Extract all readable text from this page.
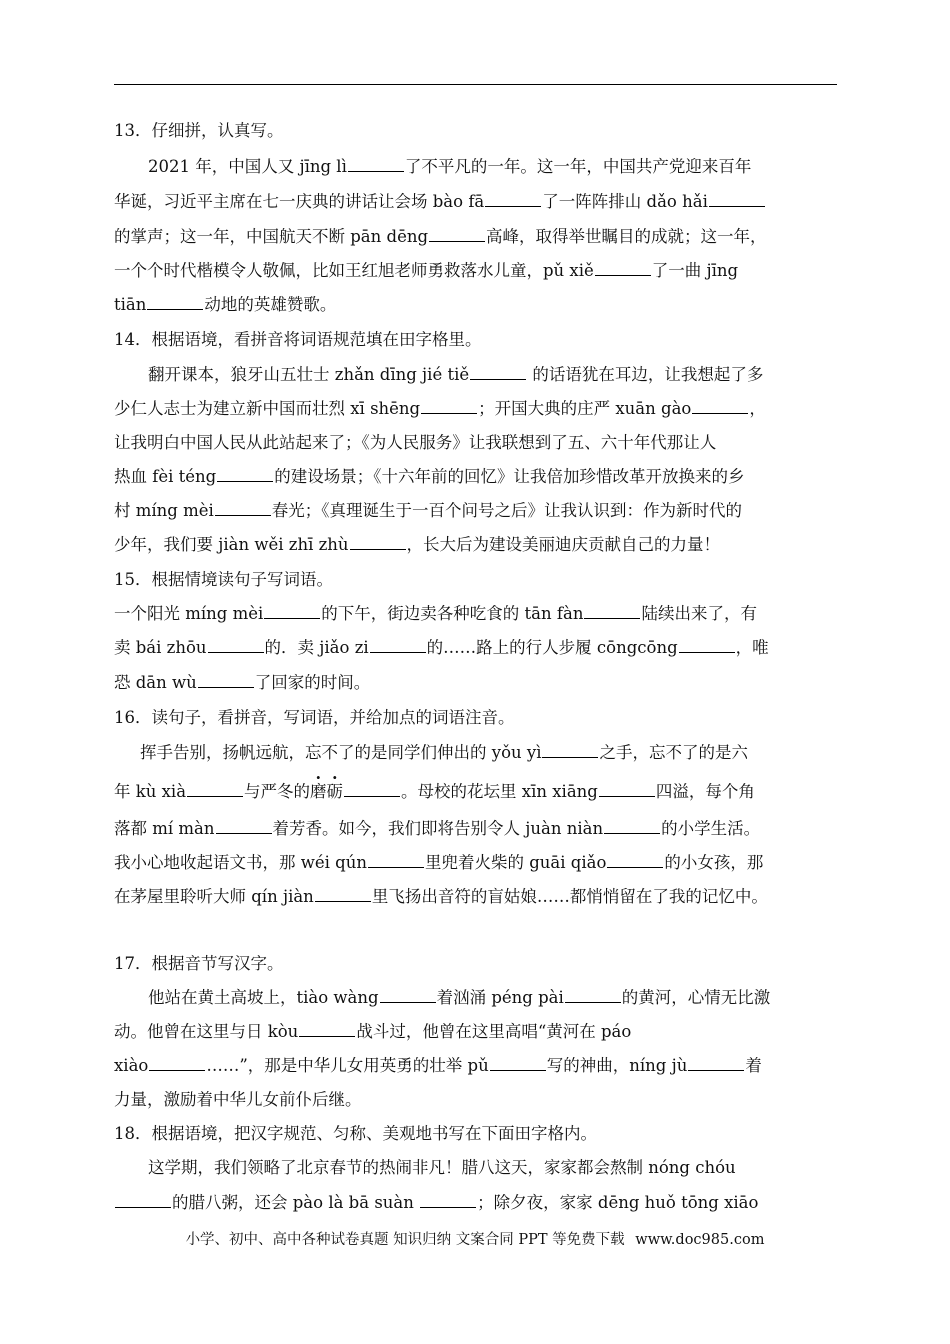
13．仔细拼，认真写。
2021 年，中国人又 jīng lì	了不平凡的一年。这一年，中国共产党迎来百年
华诞，习近平主席在七一庆典的讲话让会场 bào fā	了一阵阵排山 dǎo hǎi
的掌声；这一年，中国航天不断 pān dēng	高峰，取得举世瞩目的成就；这一年，
一个个时代楷模令人敬佩，比如王红旭老师勇救落水儿童，pǔ xiě	了一曲 jīng
tiān	动地的英雄赞歌。
14．根据语境，看拼音将词语规范填在田字格里。
翻开课本，狼牙山五壮士 zhǎn dīng jié tiě	的话语犹在耳边，让我想起了多
少仁人志士为建立新中国而壮烈 xī shēng	；开国大典的庄严 xuān gào	，
让我明白中国人民从此站起来了；《为人民服务》让我联想到了五、六十年代那让人
热血 fèi téng	的建设场景；《十六年前的回忆》让我倍加珍惜改革开放换来的乡
村 míng mèi	春光；《真理诞生于一百个问号之后》让我认识到：作为新时代的
少年，我们要 jiàn wěi zhī zhù	，长大后为建设美丽迪庆贡献自己的力量！
15．根据情境读句子写词语。
一个阳光 míng mèi	的下午，街边卖各种吃食的 tān fàn	陆续出来了，有
卖 bái zhōu	的．卖 jiǎo zi	的……路上的行人步履 cōngcōng	，唯
恐 dān wù	了回家的时间。
16．读句子，看拼音，写词语，并给加点的词语注音。
挥手告别，扬帆远航，忘不了的是同学们伸出的 yǒu yì	之手，忘不了的是六
年 kù xià	与严冬的磨砺	。母校的花坛里 xīn xiāng	四溢，每个角
落都 mí màn	着芳香。如今，我们即将告别令人 juàn niàn	的小学生活。
我小心地收起语文书，那 wéi qún	里兜着火柴的 guāi qiǎo	的小女孩，那
在茅屋里聆听大师 qín jiàn	里飞扬出音符的盲姑娘……都悄悄留在了我的记忆中。
17．根据音节写汉字。
他站在黄土高坡上，tiào wàng	着汹涌 péng pài	的黄河，心情无比激
动。他曾在这里与日 kòu	战斗过，他曾在这里高唱“黄河在 páo
xiào	……”，那是中华儿女用英勇的壮举 pǔ	写的神曲，níng jù	着
力量，激励着中华儿女前仆后继。
18．根据语境，把汉字规范、匀称、美观地书写在下面田字格内。
这学期，我们领略了北京春节的热闹非凡！腊八这天，家家都会熬制 nóng chóu
的腊八粥，还会 pào là bā suàn	；除夕夜，家家 dēng huǒ tōng xiāo
小学、初中、高中各种试卷真题 知识归纳 文案合同 PPT 等免费下载 www.doc985.com
